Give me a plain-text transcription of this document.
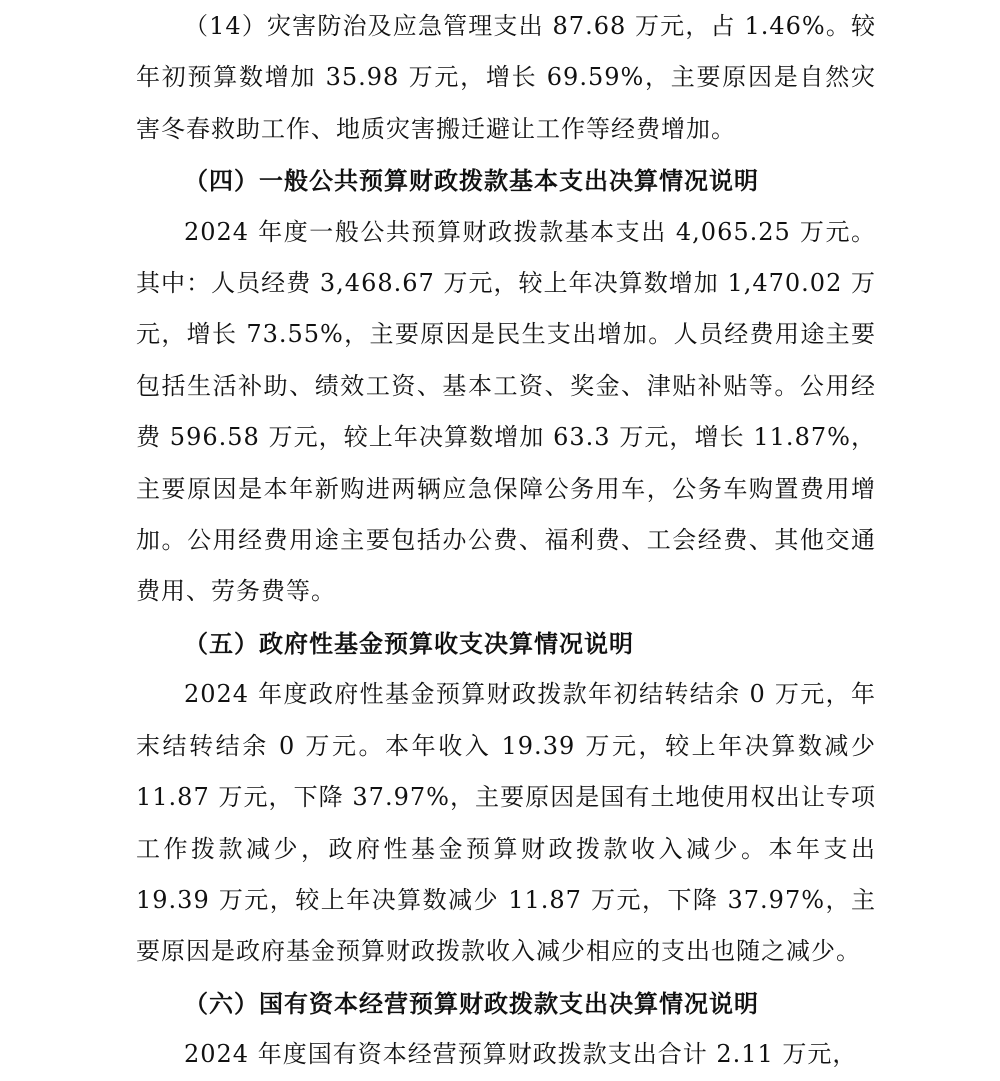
（14）灾害防治及应急管理支出 87.68 万元，占 1.46%。较年初预算数增加 35.98 万元，增长 69.59%，主要原因是自然灾害冬春救助工作、地质灾害搬迁避让工作等经费增加。

（四）一般公共预算财政拨款基本支出决算情况说明

2024 年度一般公共预算财政拨款基本支出 4,065.25 万元。其中：人员经费 3,468.67 万元，较上年决算数增加 1,470.02 万元，增长 73.55%，主要原因是民生支出增加。人员经费用途主要包括生活补助、绩效工资、基本工资、奖金、津贴补贴等。公用经费 596.58 万元，较上年决算数增加 63.3 万元，增长 11.87%，主要原因是本年新购进两辆应急保障公务用车，公务车购置费用增加。公用经费用途主要包括办公费、福利费、工会经费、其他交通费用、劳务费等。

（五）政府性基金预算收支决算情况说明

2024 年度政府性基金预算财政拨款年初结转结余 0 万元，年末结转结余 0 万元。本年收入 19.39 万元，较上年决算数减少 11.87 万元，下降 37.97%，主要原因是国有土地使用权出让专项工作拨款减少，政府性基金预算财政拨款收入减少。本年支出 19.39 万元，较上年决算数减少 11.87 万元，下降 37.97%，主要原因是政府基金预算财政拨款收入减少相应的支出也随之减少。

（六）国有资本经营预算财政拨款支出决算情况说明

2024 年度国有资本经营预算财政拨款支出合计 2.11 万元，
